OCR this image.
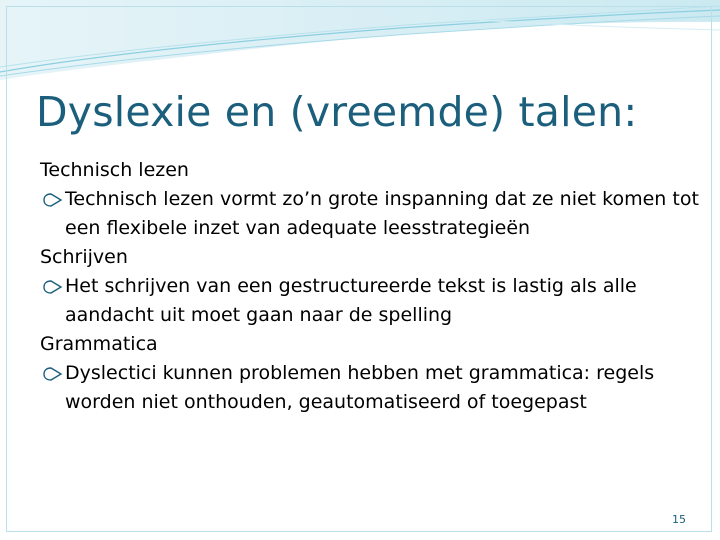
Dyslexie en (vreemde) talen:
Technisch lezen
Technisch lezen vormt zo’n grote inspanning dat ze niet komen tot een flexibele inzet van adequate leesstrategieën
Schrijven
Het schrijven van een gestructureerde tekst is lastig als alle aandacht uit moet gaan naar de spelling
Grammatica
Dyslectici kunnen problemen hebben met grammatica: regels worden niet onthouden, geautomatiseerd of toegepast
15
